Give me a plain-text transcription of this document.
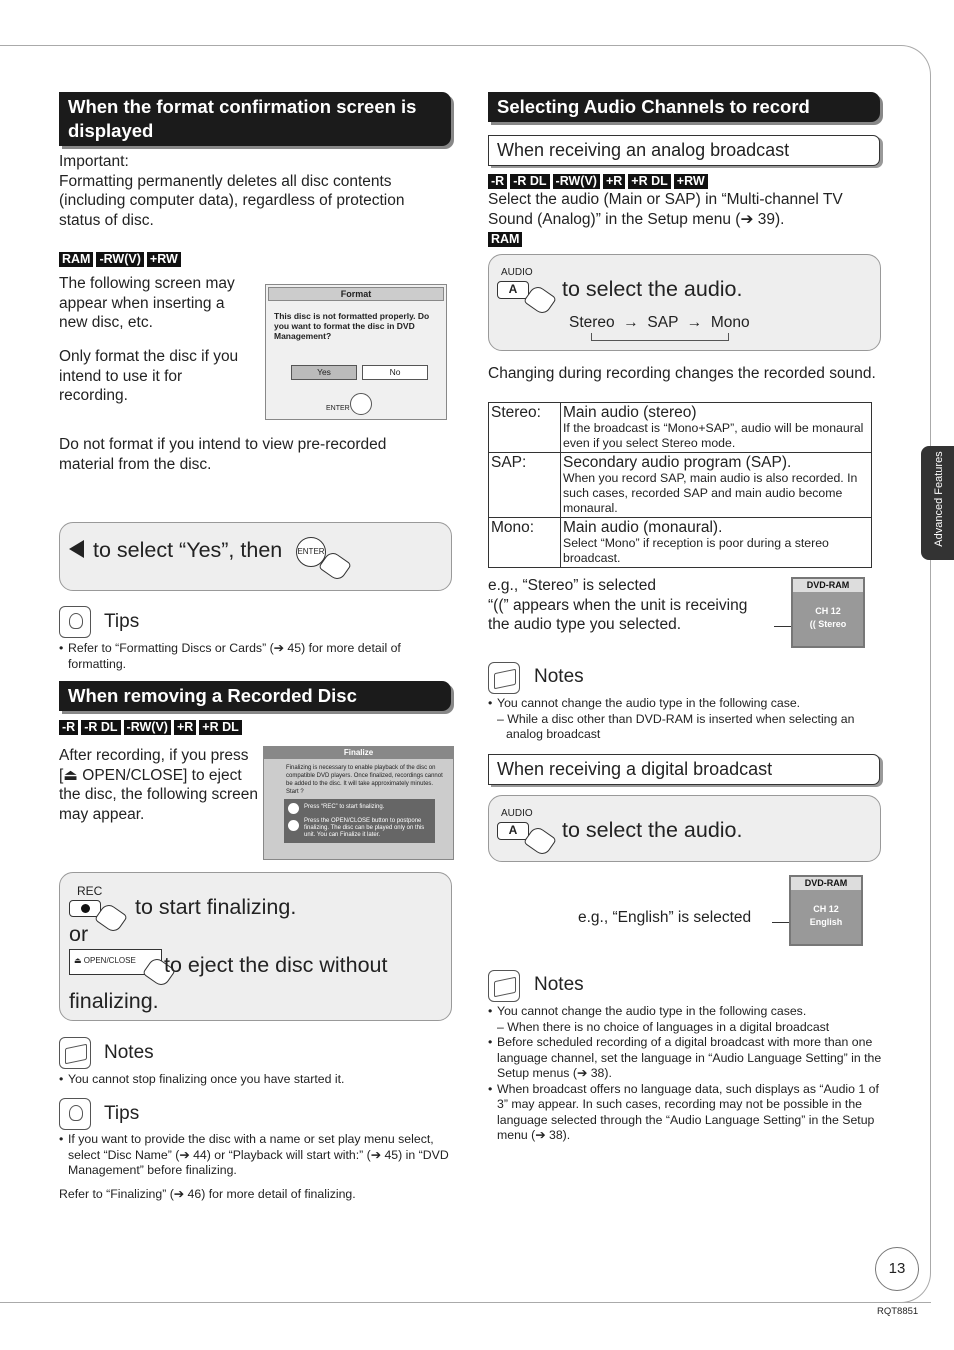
Advanced Features
When the format confirmation screen is displayed
Important:
Formatting permanently deletes all disc contents (including computer data), regardless of protection status of disc.
RAM -RW(V) +RW
The following screen may appear when inserting a new disc, etc.
Only format the disc if you intend to use it for recording.
Format
This disc is not formatted properly. Do you want to format the disc in DVD Management?
Yes	No
ENTER
Do not format if you intend to view pre-recorded material from the disc.
to select “Yes”, then ENTER
Tips
• Refer to “Formatting Discs or Cards” (➔ 45) for more detail of formatting.
When removing a Recorded Disc
-R -R DL -RW(V) +R +R DL
After recording, if you press [⏏ OPEN/CLOSE] to eject the disc, the following screen may appear.
Finalize
Finalizing is necessary to enable playback of the disc on compatible DVD players. Once finalized, recordings cannot be added to the disc. It will take approximately minutes. Start ?
Press “REC” to start finalizing.
Press the OPEN/CLOSE button to postpone finalizing. The disc can be played only on this unit. You can Finalize it later.
REC
to start finalizing.
or
⏏ OPEN/CLOSE	to eject the disc without finalizing.
Notes
• You cannot stop finalizing once you have started it.
Tips
• If you want to provide the disc with a name or set play menu select, select “Disc Name” (➔ 44) or “Playback will start with:” (➔ 45) in “DVD Management” before finalizing.
Refer to “Finalizing” (➔ 46) for more detail of finalizing.
Selecting Audio Channels to record
When receiving an analog broadcast
-R -R DL -RW(V) +R +R DL +RW
Select the audio (Main or SAP) in “Multi-channel TV Sound (Analog)” in the Setup menu (➔ 39).
RAM
AUDIO
A	to select the audio.
Stereo  →  SAP  →  Mono
Changing during recording changes the recorded sound.
Stereo:	Main audio (stereo)
If the broadcast is “Mono+SAP”, audio will be monaural even if you select Stereo mode.

SAP:	Secondary audio program (SAP).
When you record SAP, main audio is also recorded. In such cases, recorded SAP and main audio become monaural.

Mono:	Main audio (monaural).
Select “Mono” if reception is poor during a stereo broadcast.
e.g., “Stereo” is selected
“((” appears when the unit is receiving the audio type you selected.
DVD-RAM
CH 12
(( Stereo
Notes
• You cannot change the audio type in the following case.
– While a disc other than DVD-RAM is inserted when selecting an analog broadcast
When receiving a digital broadcast
AUDIO
A	to select the audio.
e.g., “English” is selected
DVD-RAM
CH 12
English
Notes
• You cannot change the audio type in the following cases.
– When there is no choice of languages in a digital broadcast
• Before scheduled recording of a digital broadcast with more than one language channel, set the language in “Audio Language Setting” in the Setup menus (➔ 38).
• When broadcast offers no language data, such displays as “Audio 1 of 3” may appear. In such cases, recording may not be possible in the language selected through the “Audio Language Setting” in the Setup menu (➔ 38).
13
RQT8851
